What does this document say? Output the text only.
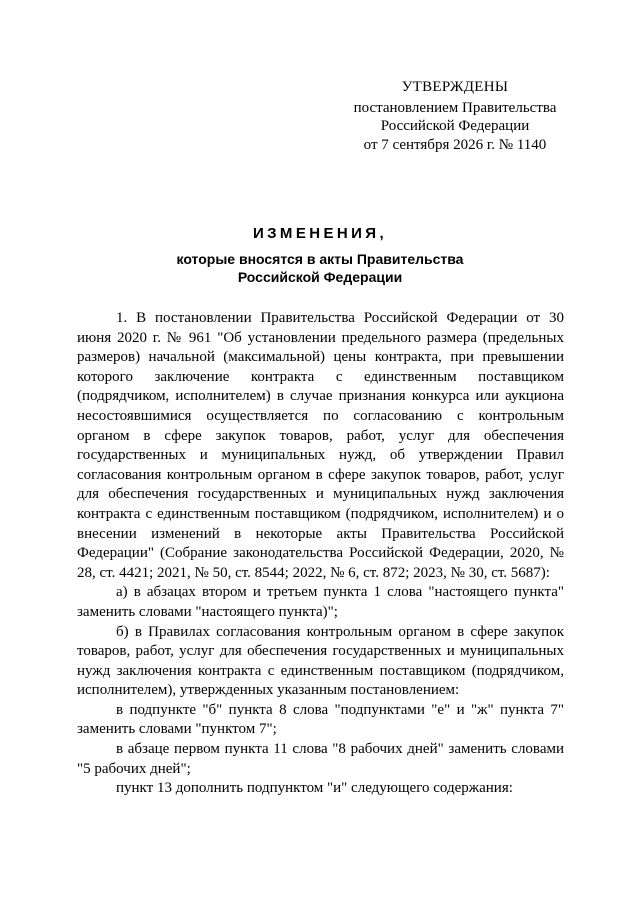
УТВЕРЖДЕНЫ
постановлением Правительства
Российской Федерации
от 7 сентября 2026 г. № 1140
ИЗМЕНЕНИЯ,
которые вносятся в акты Правительства
Российской Федерации

1. В постановлении Правительства Российской Федерации от 30 июня 2020 г. № 961 "Об установлении предельного размера (предельных размеров) начальной (максимальной) цены контракта, при превышении которого заключение контракта с единственным поставщиком (подрядчиком, исполнителем) в случае признания конкурса или аукциона несостоявшимися осуществляется по согласованию с контрольным органом в сфере закупок товаров, работ, услуг для обеспечения государственных и муниципальных нужд, об утверждении Правил согласования контрольным органом в сфере закупок товаров, работ, услуг для обеспечения государственных и муниципальных нужд заключения контракта с единственным поставщиком (подрядчиком, исполнителем) и о внесении изменений в некоторые акты Правительства Российской Федерации" (Собрание законодательства Российской Федерации, 2020, № 28, ст. 4421; 2021, № 50, ст. 8544; 2022, № 6, ст. 872; 2023, № 30, ст. 5687):

а) в абзацах втором и третьем пункта 1 слова "настоящего пункта" заменить словами "настоящего пункта)";

б) в Правилах согласования контрольным органом в сфере закупок товаров, работ, услуг для обеспечения государственных и муниципальных нужд заключения контракта с единственным поставщиком (подрядчиком, исполнителем), утвержденных указанным постановлением:

в подпункте "б" пункта 8 слова "подпунктами "е" и "ж" пункта 7" заменить словами "пунктом 7";

в абзаце первом пункта 11 слова "8 рабочих дней" заменить словами "5 рабочих дней";

пункт 13 дополнить подпунктом "и" следующего содержания:
